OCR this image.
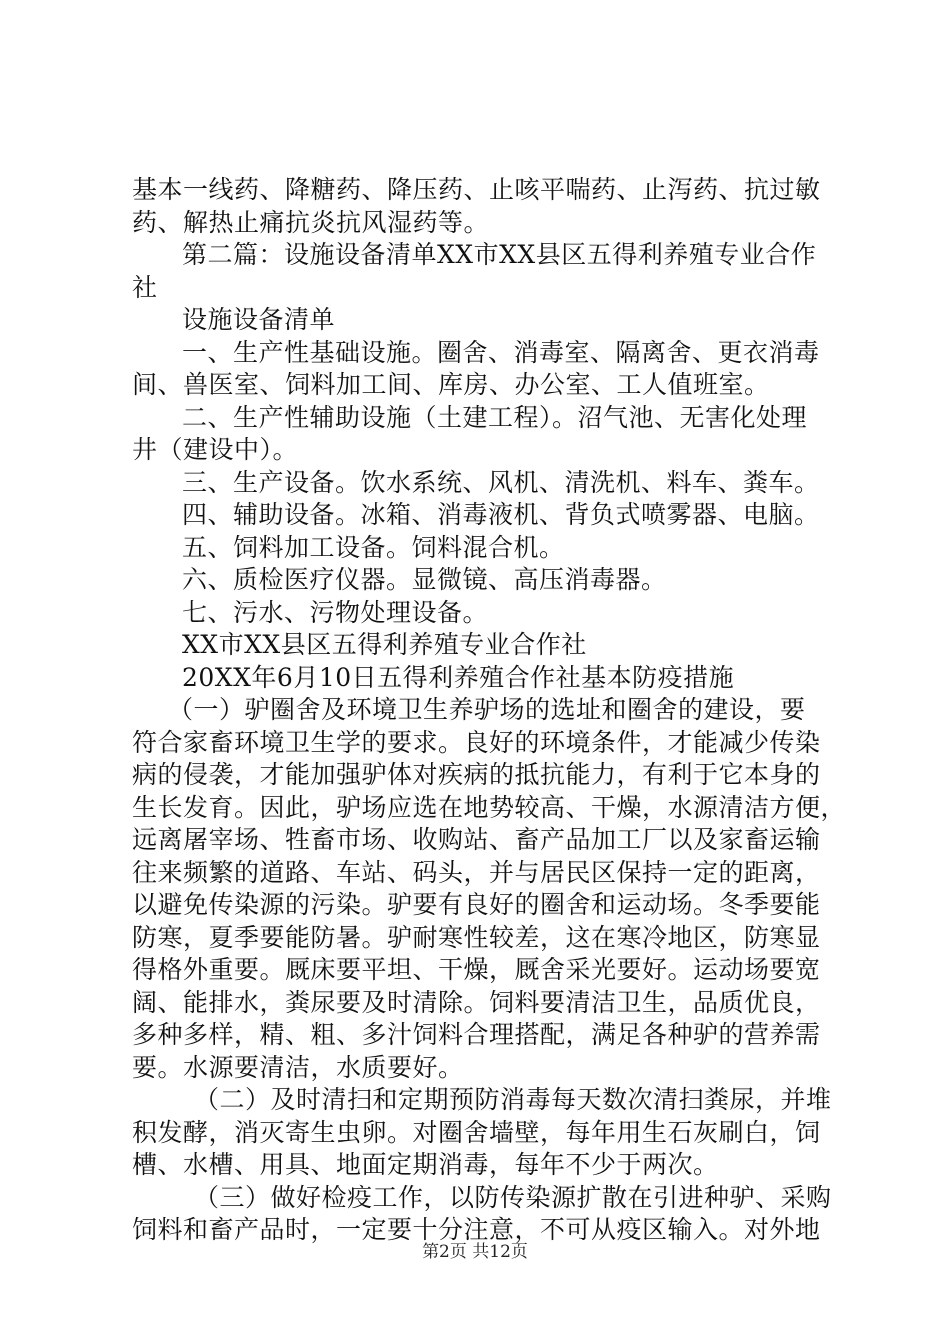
基本一线药、降糖药、降压药、止咳平喘药、止泻药、抗过敏
药、解热止痛抗炎抗风湿药等。
第二篇：设施设备清单XX市XX县区五得利养殖专业合作
社
设施设备清单
一、生产性基础设施。圈舍、消毒室、隔离舍、更衣消毒
间、兽医室、饲料加工间、库房、办公室、工人值班室。
二、生产性辅助设施（土建工程）。沼气池、无害化处理
井（建设中）。
三、生产设备。饮水系统、风机、清洗机、料车、粪车。
四、辅助设备。冰箱、消毒液机、背负式喷雾器、电脑。
五、饲料加工设备。饲料混合机。
六、质检医疗仪器。显微镜、高压消毒器。
七、污水、污物处理设备。
XX市XX县区五得利养殖专业合作社
20XX年6月10日五得利养殖合作社基本防疫措施
（一）驴圈舍及环境卫生养驴场的选址和圈舍的建设，要
符合家畜环境卫生学的要求。良好的环境条件，才能减少传染
病的侵袭，才能加强驴体对疾病的抵抗能力，有利于它本身的
生长发育。因此，驴场应选在地势较高、干燥，水源清洁方便，
远离屠宰场、牲畜市场、收购站、畜产品加工厂以及家畜运输
往来频繁的道路、车站、码头，并与居民区保持一定的距离，
以避免传染源的污染。驴要有良好的圈舍和运动场。冬季要能
防寒，夏季要能防暑。驴耐寒性较差，这在寒冷地区，防寒显
得格外重要。厩床要平坦、干燥，厩舍采光要好。运动场要宽
阔、能排水，粪尿要及时清除。饲料要清洁卫生，品质优良，
多种多样，精、粗、多汁饲料合理搭配，满足各种驴的营养需
要。水源要清洁，水质要好。
（二）及时清扫和定期预防消毒每天数次清扫粪尿，并堆
积发酵，消灭寄生虫卵。对圈舍墙壁，每年用生石灰刷白，饲
槽、水槽、用具、地面定期消毒，每年不少于两次。
（三）做好检疫工作，以防传染源扩散在引进种驴、采购
饲料和畜产品时，一定要十分注意，不可从疫区输入。对外地
第2页 共12页
